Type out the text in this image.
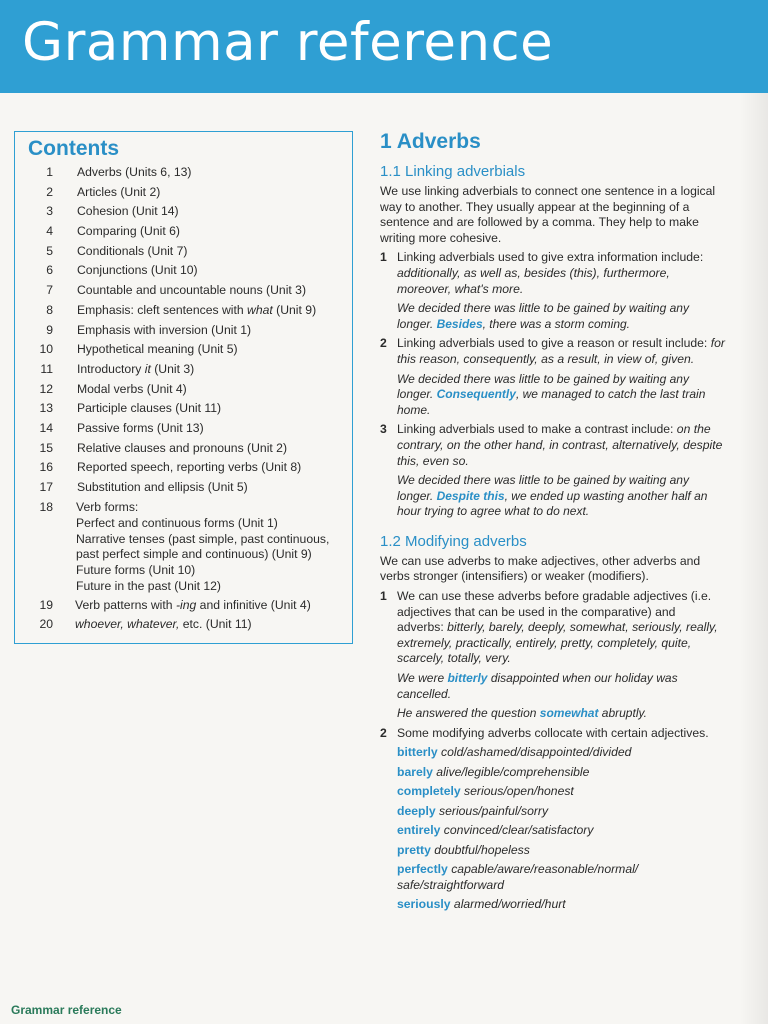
Grammar reference
Contents
1 Adverbs (Units 6, 13)
2 Articles (Unit 2)
3 Cohesion (Unit 14)
4 Comparing (Unit 6)
5 Conditionals (Unit 7)
6 Conjunctions (Unit 10)
7 Countable and uncountable nouns (Unit 3)
8 Emphasis: cleft sentences with what (Unit 9)
9 Emphasis with inversion (Unit 1)
10 Hypothetical meaning (Unit 5)
11 Introductory it (Unit 3)
12 Modal verbs (Unit 4)
13 Participle clauses (Unit 11)
14 Passive forms (Unit 13)
15 Relative clauses and pronouns (Unit 2)
16 Reported speech, reporting verbs (Unit 8)
17 Substitution and ellipsis (Unit 5)
18 Verb forms:
Perfect and continuous forms (Unit 1)
Narrative tenses (past simple, past continuous,
past perfect simple and continuous) (Unit 9)
Future forms (Unit 10)
Future in the past (Unit 12)
19 Verb patterns with -ing and infinitive (Unit 4)
20 whoever, whatever, etc. (Unit 11)
1 Adverbs
1.1 Linking adverbials

We use linking adverbials to connect one sentence in a logical way to another. They usually appear at the beginning of a sentence and are followed by a comma. They help to make writing more cohesive.

1 Linking adverbials used to give extra information include: additionally, as well as, besides (this), furthermore, moreover, what's more.
We decided there was little to be gained by waiting any longer. Besides, there was a storm coming.
2 Linking adverbials used to give a reason or result include: for this reason, consequently, as a result, in view of, given.
We decided there was little to be gained by waiting any longer. Consequently, we managed to catch the last train home.
3 Linking adverbials used to make a contrast include: on the contrary, on the other hand, in contrast, alternatively, despite this, even so.
We decided there was little to be gained by waiting any longer. Despite this, we ended up wasting another half an hour trying to agree what to do next.
1.2 Modifying adverbs

We can use adverbs to make adjectives, other adverbs and verbs stronger (intensifiers) or weaker (modifiers).

1 We can use these adverbs before gradable adjectives (i.e. adjectives that can be used in the comparative) and adverbs: bitterly, barely, deeply, somewhat, seriously, really, extremely, practically, entirely, pretty, completely, quite, scarcely, totally, very.
We were bitterly disappointed when our holiday was cancelled.
He answered the question somewhat abruptly.
2 Some modifying adverbs collocate with certain adjectives.
bitterly cold/ashamed/disappointed/divided
barely alive/legible/comprehensible
completely serious/open/honest
deeply serious/painful/sorry
entirely convinced/clear/satisfactory
pretty doubtful/hopeless
perfectly capable/aware/reasonable/normal/ safe/straightforward
seriously alarmed/worried/hurt
Grammar reference
